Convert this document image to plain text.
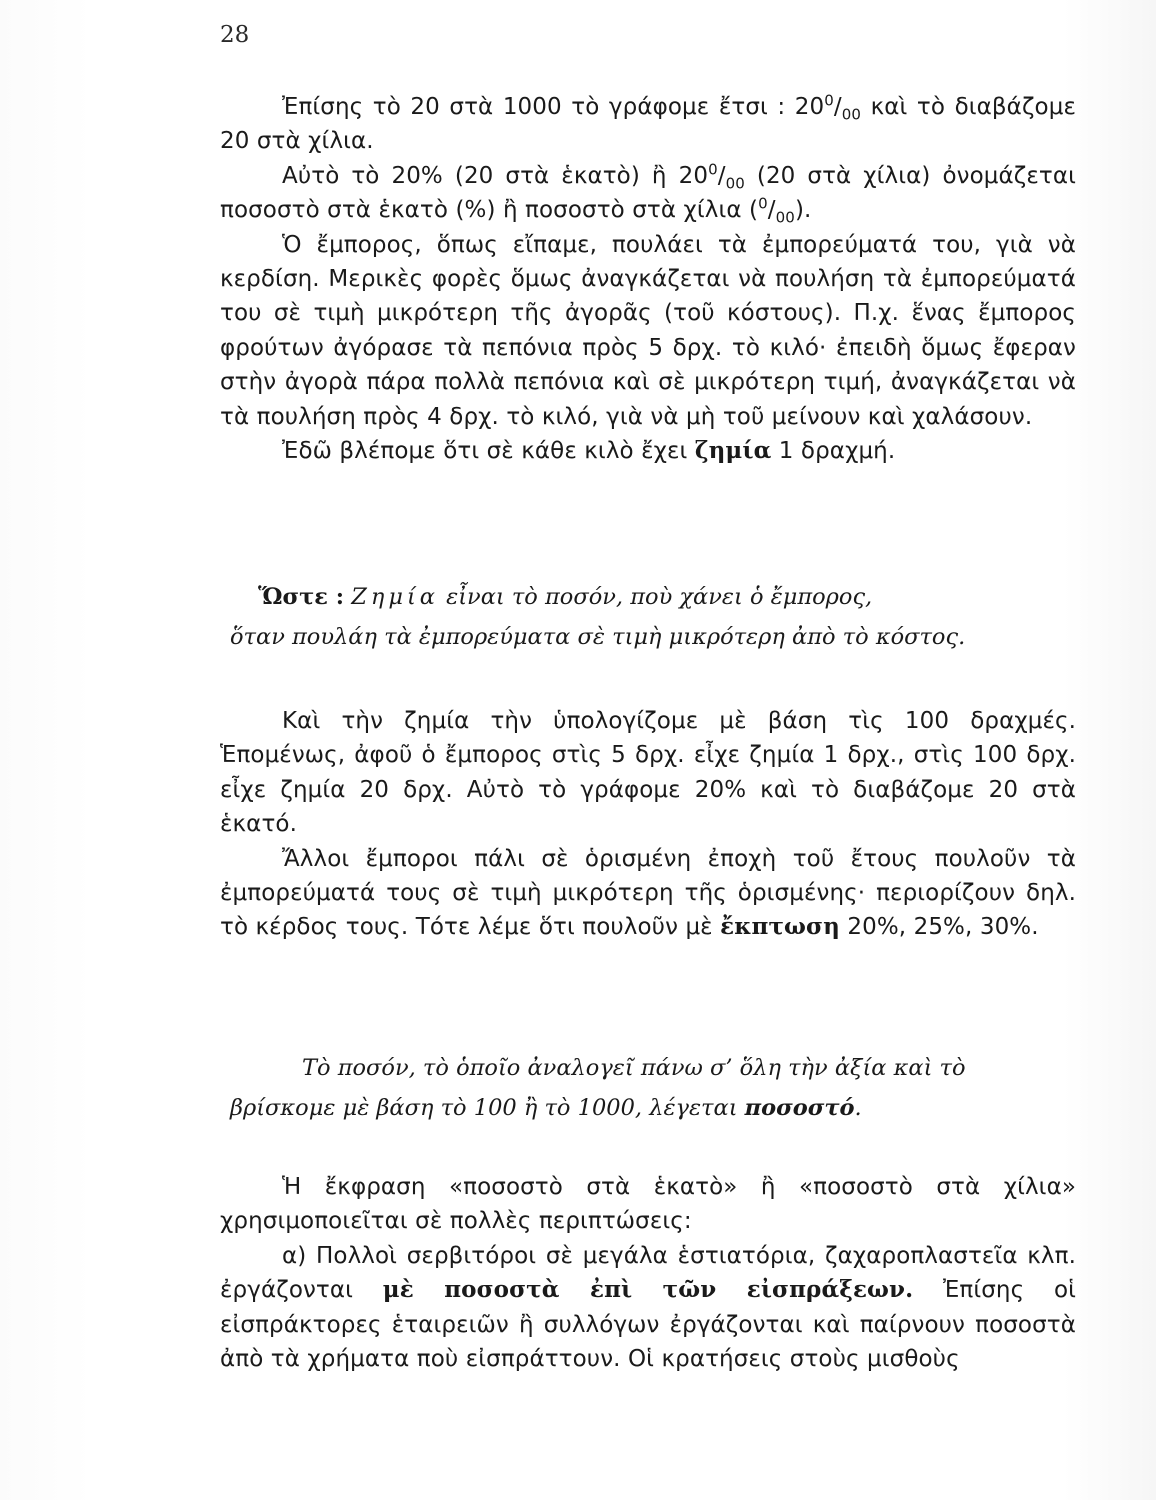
28

Ἐπίσης τὸ 20 στὰ 1000 τὸ γράφομε ἔτσι : $20^0/_{00}$ καὶ τὸ διαβάζομε 20 στὰ χίλια.

Αὐτὸ τὸ 20% (20 στὰ ἑκατὸ) ἢ $20^0/_{00}$ (20 στὰ χίλια) ὀνομάζεται ποσοστὸ στὰ ἑκατὸ (%) ἢ ποσοστὸ στὰ χίλια $(^0/_{00})$.

Ὁ ἔμπορος, ὅπως εἴπαμε, πουλάει τὰ ἐμπορεύματά του, γιὰ νὰ κερδίση. Μερικὲς φορὲς ὅμως ἀναγκάζεται νὰ πουλήση τὰ ἐμπορεύματά του σὲ τιμὴ μικρότερη τῆς ἀγορᾶς (τοῦ κόστους). Π.χ. ἕνας ἔμπορος φρούτων ἀγόρασε τὰ πεπόνια πρὸς 5 δρχ. τὸ κιλό· ἐπειδὴ ὅμως ἔφεραν στὴν ἀγορὰ πάρα πολλὰ πεπόνια καὶ σὲ μικρότερη τιμή, ἀναγκάζεται νὰ τὰ πουλήση πρὸς 4 δρχ. τὸ κιλό, γιὰ νὰ μὴ τοῦ μείνουν καὶ χαλάσουν.

Ἐδῶ βλέπομε ὅτι σὲ κάθε κιλὸ ἔχει ζημία 1 δραχμή.

Ὥστε : Ζημία εἶναι τὸ ποσόν, ποὺ χάνει ὁ ἔμπορος,

ὅταν πουλάη τὰ ἐμπορεύματα σὲ τιμὴ μικρότερη ἀπὸ τὸ κόστος.

Καὶ τὴν ζημία τὴν ὑπολογίζομε μὲ βάση τὶς 100 δραχμές. Ἑπομένως, ἀφοῦ ὁ ἔμπορος στὶς 5 δρχ. εἶχε ζημία 1 δρχ., στὶς 100 δρχ. εἶχε ζημία 20 δρχ. Αὐτὸ τὸ γράφομε 20% καὶ τὸ διαβάζομε 20 στὰ ἑκατό.

Ἄλλοι ἔμποροι πάλι σὲ ὁρισμένη ἐποχὴ τοῦ ἔτους πουλοῦν τὰ ἐμπορεύματά τους σὲ τιμὴ μικρότερη τῆς ὁρισμένης· περιορίζουν δηλ. τὸ κέρδος τους. Τότε λέμε ὅτι πουλοῦν μὲ ἔκπτωση 20%, 25%, 30%.

Τὸ ποσόν, τὸ ὁποῖο ἀναλογεῖ πάνω σ’ ὅλη τὴν ἀξία καὶ τὸ

βρίσκομε μὲ βάση τὸ 100 ἢ τὸ 1000, λέγεται ποσοστό.

Ἡ ἔκφραση «ποσοστὸ στὰ ἑκατὸ» ἢ «ποσοστὸ στὰ χίλια» χρησιμοποιεῖται σὲ πολλὲς περιπτώσεις:

α) Πολλοὶ σερβιτόροι σὲ μεγάλα ἑστιατόρια, ζαχαροπλαστεῖα κλπ. ἐργάζονται μὲ ποσοστὰ ἐπὶ τῶν εἰσπράξεων. Ἐπίσης οἱ εἰσπράκτορες ἑταιρειῶν ἢ συλλόγων ἐργάζονται καὶ παίρνουν ποσοστὰ ἀπὸ τὰ χρήματα ποὺ εἰσπράττουν. Οἱ κρατήσεις στοὺς μισθοὺς
